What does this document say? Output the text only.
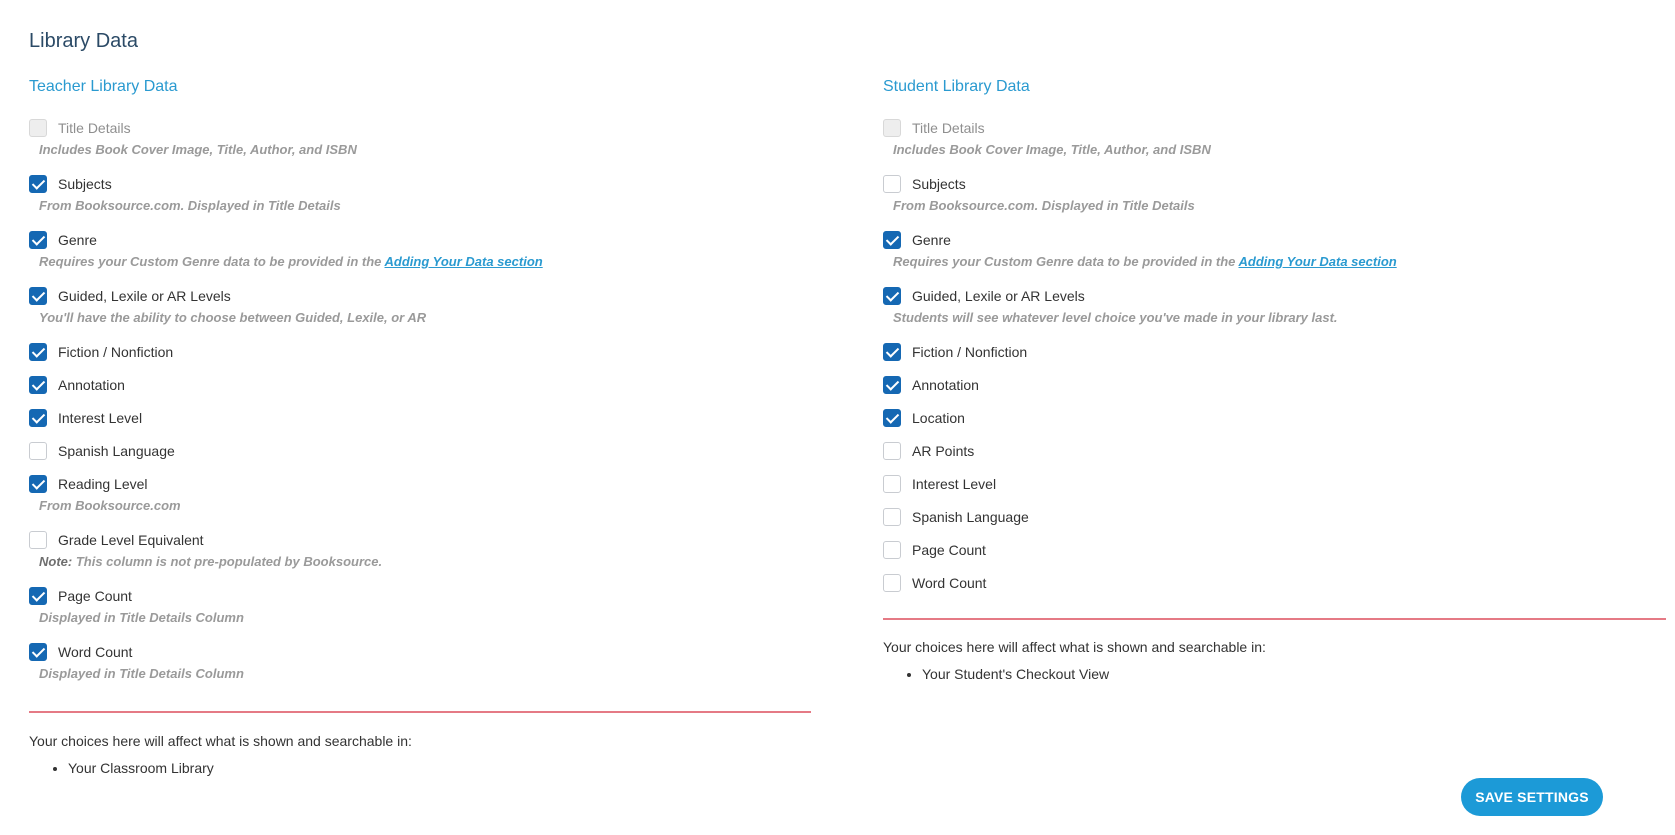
Library Data
Teacher Library Data
Title Details
Includes Book Cover Image, Title, Author, and ISBN
Subjects
From Booksource.com. Displayed in Title Details
Genre
Requires your Custom Genre data to be provided in the Adding Your Data section
Guided, Lexile or AR Levels
You'll have the ability to choose between Guided, Lexile, or AR
Fiction / Nonfiction
Annotation
Interest Level
Spanish Language
Reading Level
From Booksource.com
Grade Level Equivalent
Note: This column is not pre-populated by Booksource.
Page Count
Displayed in Title Details Column
Word Count
Displayed in Title Details Column
Your choices here will affect what is shown and searchable in:
• Your Classroom Library
Student Library Data
Title Details
Includes Book Cover Image, Title, Author, and ISBN
Subjects
From Booksource.com. Displayed in Title Details
Genre
Requires your Custom Genre data to be provided in the Adding Your Data section
Guided, Lexile or AR Levels
Students will see whatever level choice you've made in your library last.
Fiction / Nonfiction
Annotation
Location
AR Points
Interest Level
Spanish Language
Page Count
Word Count
Your choices here will affect what is shown and searchable in:
• Your Student's Checkout View
SAVE SETTINGS
